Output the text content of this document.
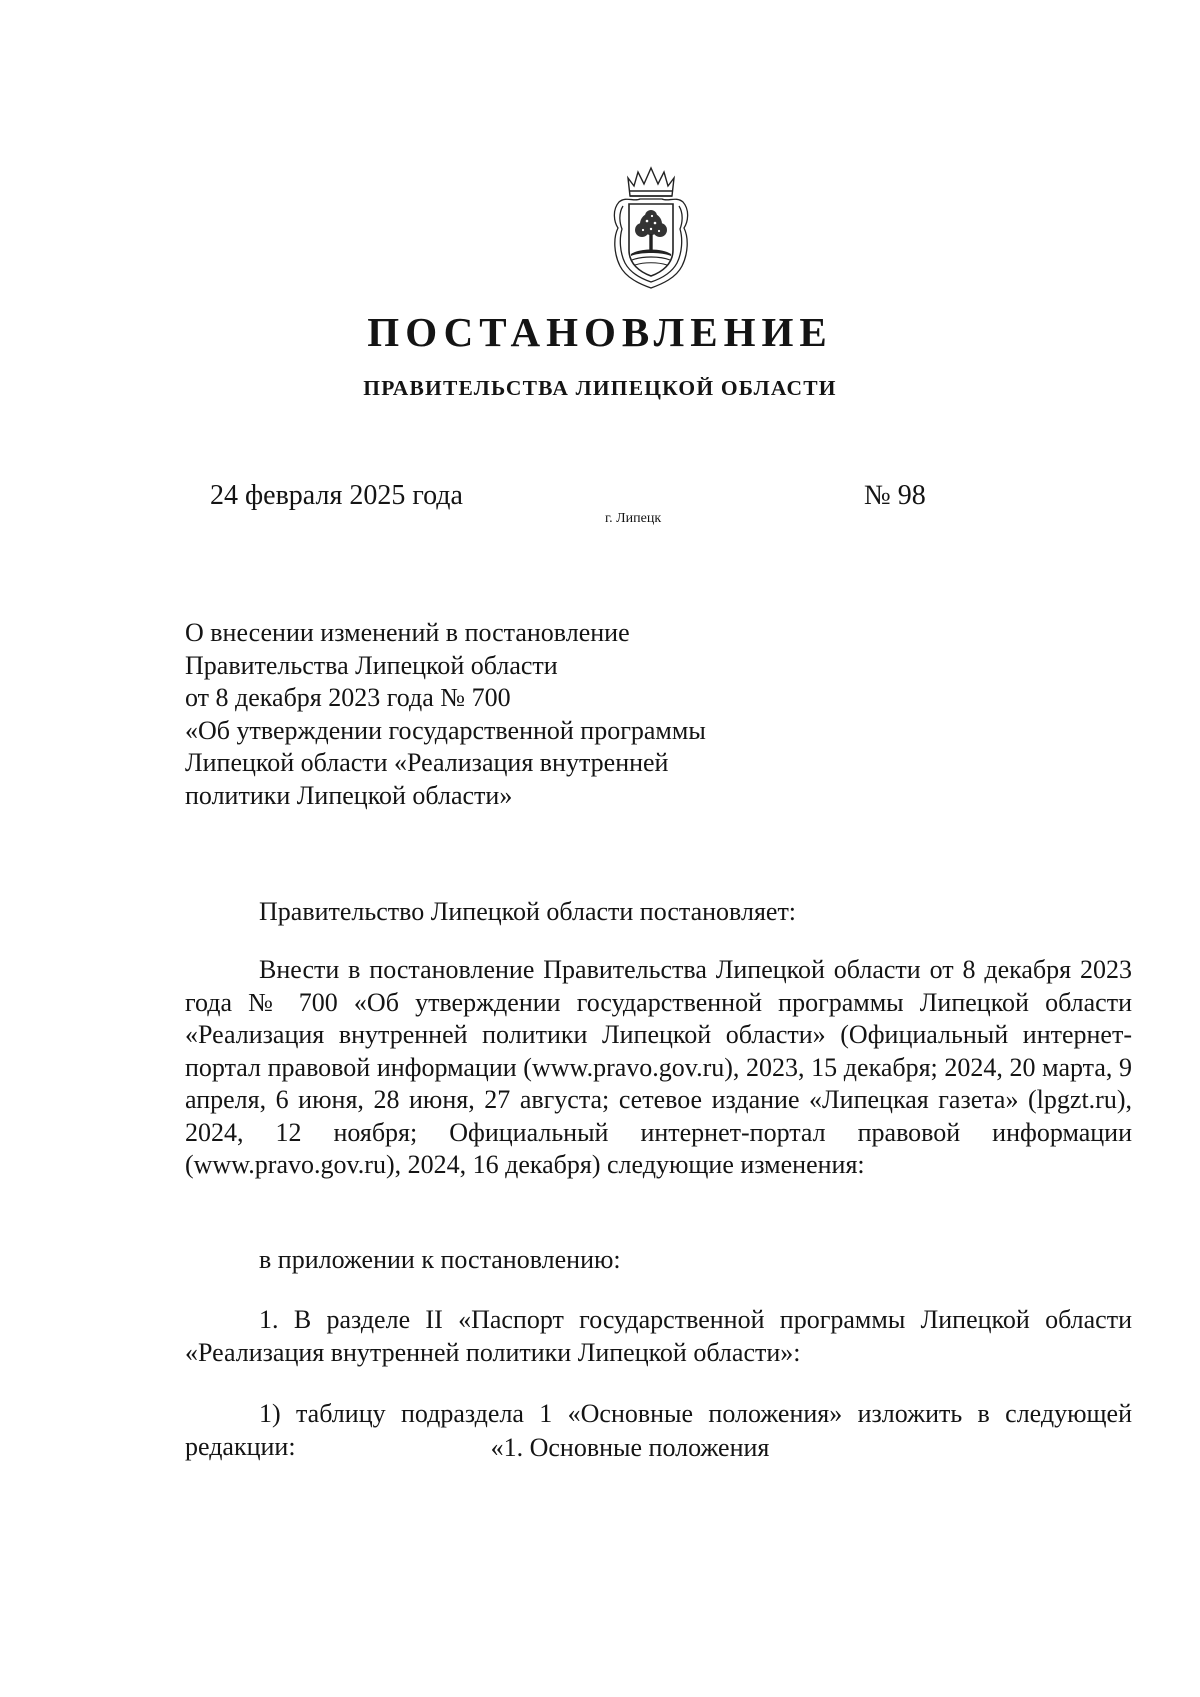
ПОСТАНОВЛЕНИЕ
ПРАВИТЕЛЬСТВА ЛИПЕЦКОЙ ОБЛАСТИ
24 февраля 2025 года
г. Липецк
№ 98
О внесении изменений в постановление
Правительства Липецкой области
от 8 декабря 2023 года № 700
«Об утверждении государственной программы
Липецкой области «Реализация внутренней
политики Липецкой области»

Правительство Липецкой области постановляет:

Внести в постановление Правительства Липецкой области от 8 декабря 2023 года № 700 «Об утверждении государственной программы Липецкой области «Реализация внутренней политики Липецкой области» (Официальный интернет-портал правовой информации (www.pravo.gov.ru), 2023, 15 декабря; 2024, 20 марта, 9 апреля, 6 июня, 28 июня, 27 августа; сетевое издание «Липецкая газета» (lpgzt.ru), 2024, 12 ноября; Официальный интернет-портал правовой информации (www.pravo.gov.ru), 2024, 16 декабря) следующие изменения:

в приложении к постановлению:

1. В разделе II «Паспорт государственной программы Липецкой области «Реализация внутренней политики Липецкой области»:

1) таблицу подраздела 1 «Основные положения» изложить в следующей редакции:	«1. Основные положения
